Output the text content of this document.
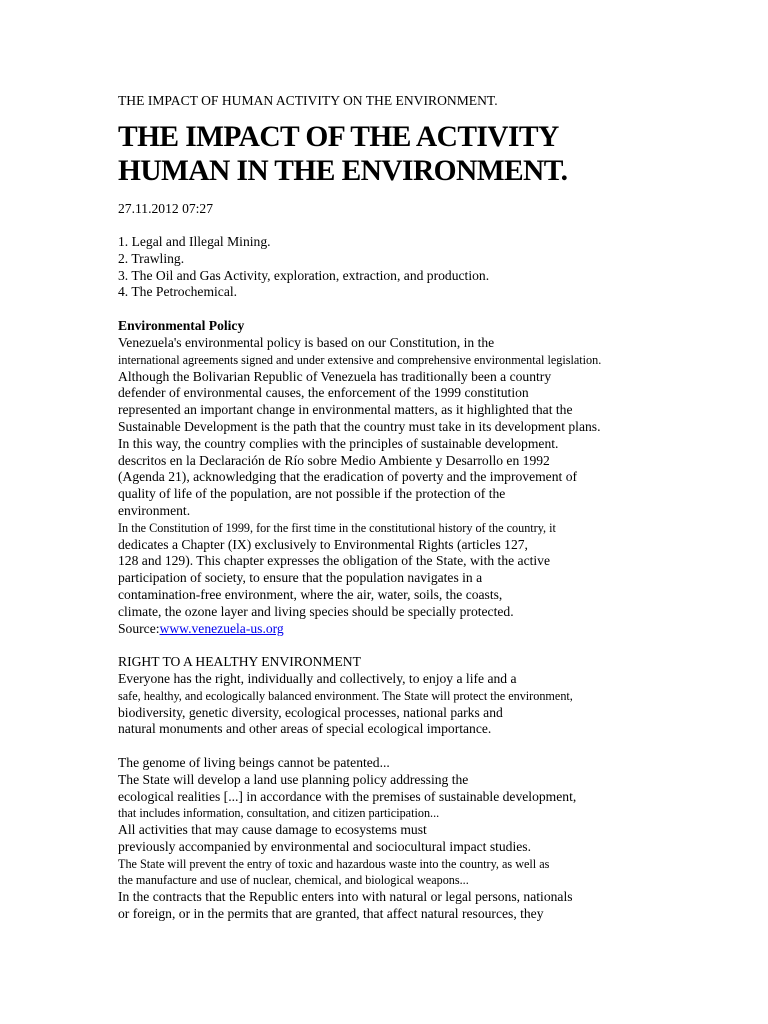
THE IMPACT OF HUMAN ACTIVITY ON THE ENVIRONMENT.
THE IMPACT OF THE ACTIVITY
HUMAN IN THE ENVIRONMENT.
27.11.2012 07:27
1. Legal and Illegal Mining.
2. Trawling.
3. The Oil and Gas Activity, exploration, extraction, and production.
4. The Petrochemical.
Environmental Policy
Venezuela's environmental policy is based on our Constitution, in the
international agreements signed and under extensive and comprehensive environmental legislation.
Although the Bolivarian Republic of Venezuela has traditionally been a country
defender of environmental causes, the enforcement of the 1999 constitution
represented an important change in environmental matters, as it highlighted that the
Sustainable Development is the path that the country must take in its development plans.
In this way, the country complies with the principles of sustainable development.
descritos en la Declaración de Río sobre Medio Ambiente y Desarrollo en 1992
(Agenda 21), acknowledging that the eradication of poverty and the improvement of
quality of life of the population, are not possible if the protection of the
environment.
In the Constitution of 1999, for the first time in the constitutional history of the country, it
dedicates a Chapter (IX) exclusively to Environmental Rights (articles 127,
128 and 129). This chapter expresses the obligation of the State, with the active
participation of society, to ensure that the population navigates in a
contamination-free environment, where the air, water, soils, the coasts,
climate, the ozone layer and living species should be specially protected.
Source:www.venezuela-us.org
RIGHT TO A HEALTHY ENVIRONMENT
Everyone has the right, individually and collectively, to enjoy a life and a
safe, healthy, and ecologically balanced environment. The State will protect the environment,
biodiversity, genetic diversity, ecological processes, national parks and
natural monuments and other areas of special ecological importance.
The genome of living beings cannot be patented...
The State will develop a land use planning policy addressing the
ecological realities [...] in accordance with the premises of sustainable development,
that includes information, consultation, and citizen participation...
All activities that may cause damage to ecosystems must
previously accompanied by environmental and sociocultural impact studies.
The State will prevent the entry of toxic and hazardous waste into the country, as well as
the manufacture and use of nuclear, chemical, and biological weapons...
In the contracts that the Republic enters into with natural or legal persons, nationals
or foreign, or in the permits that are granted, that affect natural resources, they
